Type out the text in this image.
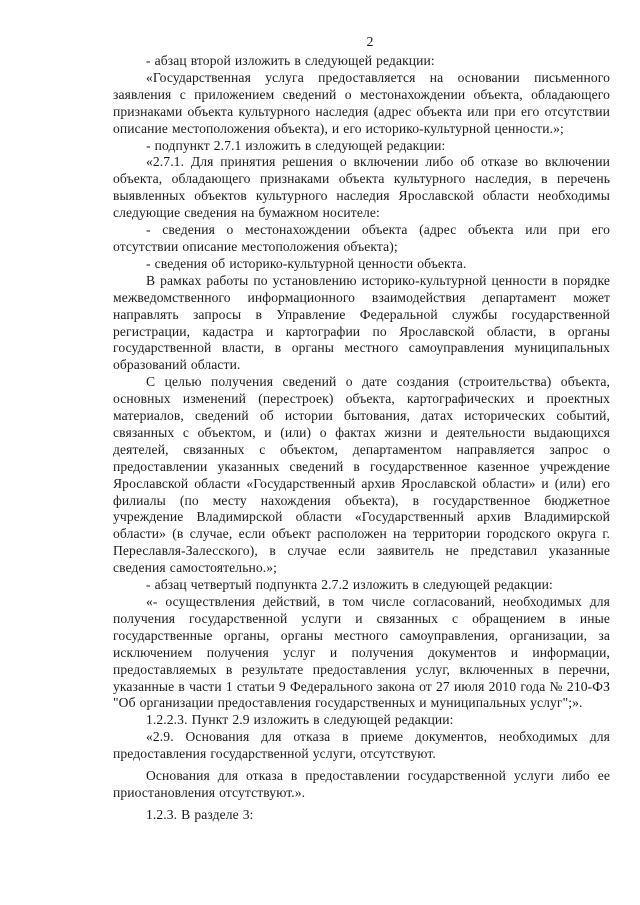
2

- абзац второй изложить в следующей редакции:

«Государственная услуга предоставляется на основании письменного заявления с приложением сведений о местонахождении объекта, обладающего признаками объекта культурного наследия (адрес объекта или при его отсутствии описание местоположения объекта), и его историко-культурной ценности.»;

- подпункт 2.7.1 изложить в следующей редакции:

«2.7.1. Для принятия решения о включении либо об отказе во включении объекта, обладающего признаками объекта культурного наследия, в перечень выявленных объектов культурного наследия Ярославской области необходимы следующие сведения на бумажном носителе:

- сведения о местонахождении объекта (адрес объекта или при его отсутствии описание местоположения объекта);

- сведения об историко-культурной ценности объекта.

В рамках работы по установлению историко-культурной ценности в порядке межведомственного информационного взаимодействия департамент может направлять запросы в Управление Федеральной службы государственной регистрации, кадастра и картографии по Ярославской области, в органы государственной власти, в органы местного самоуправления муниципальных образований области.

С целью получения сведений о дате создания (строительства) объекта, основных изменений (перестроек) объекта, картографических и проектных материалов, сведений об истории бытования, датах исторических событий, связанных с объектом, и (или) о фактах жизни и деятельности выдающихся деятелей, связанных с объектом, департаментом направляется запрос о предоставлении указанных сведений в государственное казенное учреждение Ярославской области «Государственный архив Ярославской области» и (или) его филиалы (по месту нахождения объекта), в государственное бюджетное учреждение Владимирской области «Государственный архив Владимирской области» (в случае, если объект расположен на территории городского округа г. Переславля-Залесского), в случае если заявитель не представил указанные сведения самостоятельно.»;

- абзац четвертый подпункта 2.7.2 изложить в следующей редакции:

«- осуществления действий, в том числе согласований, необходимых для получения государственной услуги и связанных с обращением в иные государственные органы, органы местного самоуправления, организации, за исключением получения услуг и получения документов и информации, предоставляемых в результате предоставления услуг, включенных в перечни, указанные в части 1 статьи 9 Федерального закона от 27 июля 2010 года № 210-ФЗ "Об организации предоставления государственных и муниципальных услуг";».

1.2.2.3. Пункт 2.9 изложить в следующей редакции:

«2.9. Основания для отказа в приеме документов, необходимых для предоставления государственной услуги, отсутствуют.

Основания для отказа в предоставлении государственной услуги либо ее приостановления отсутствуют.».

1.2.3. В разделе 3:
